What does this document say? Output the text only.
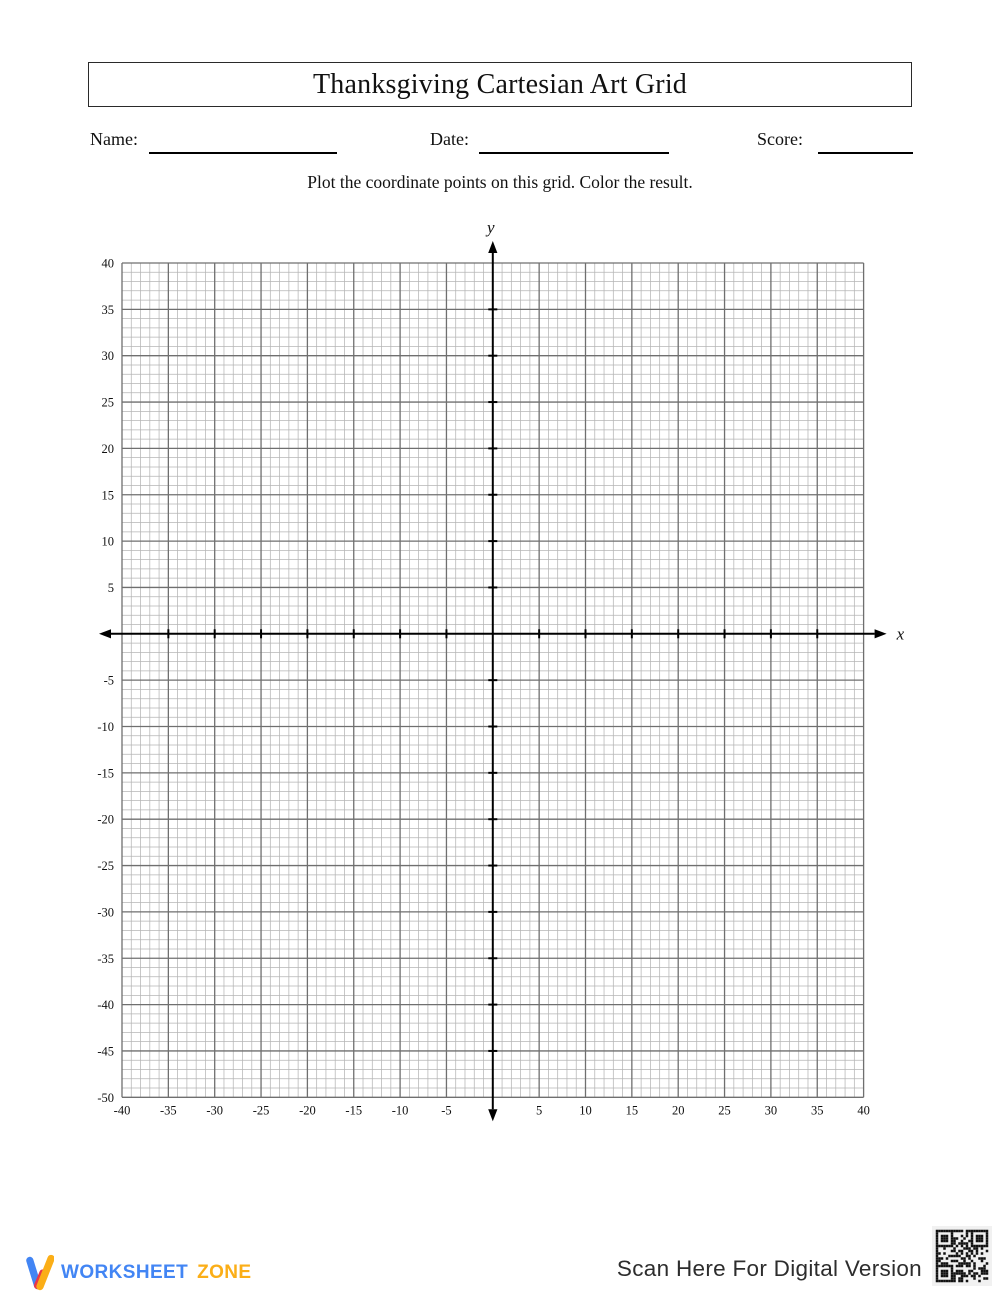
Thanksgiving Cartesian Art Grid
Name:	Date:	Score:
Plot the coordinate points on this grid. Color the result.
-40 -35 -30 -25 -20 -15 -10	-5	5	10	15	20	25	30	35	40
40
35
30
25
20
15
10
5
-5
-10
-15
-20
-25
-30
-35
-40
-45
-50
y
x
WORKSHEET ZONE	Scan Here For Digital Version
